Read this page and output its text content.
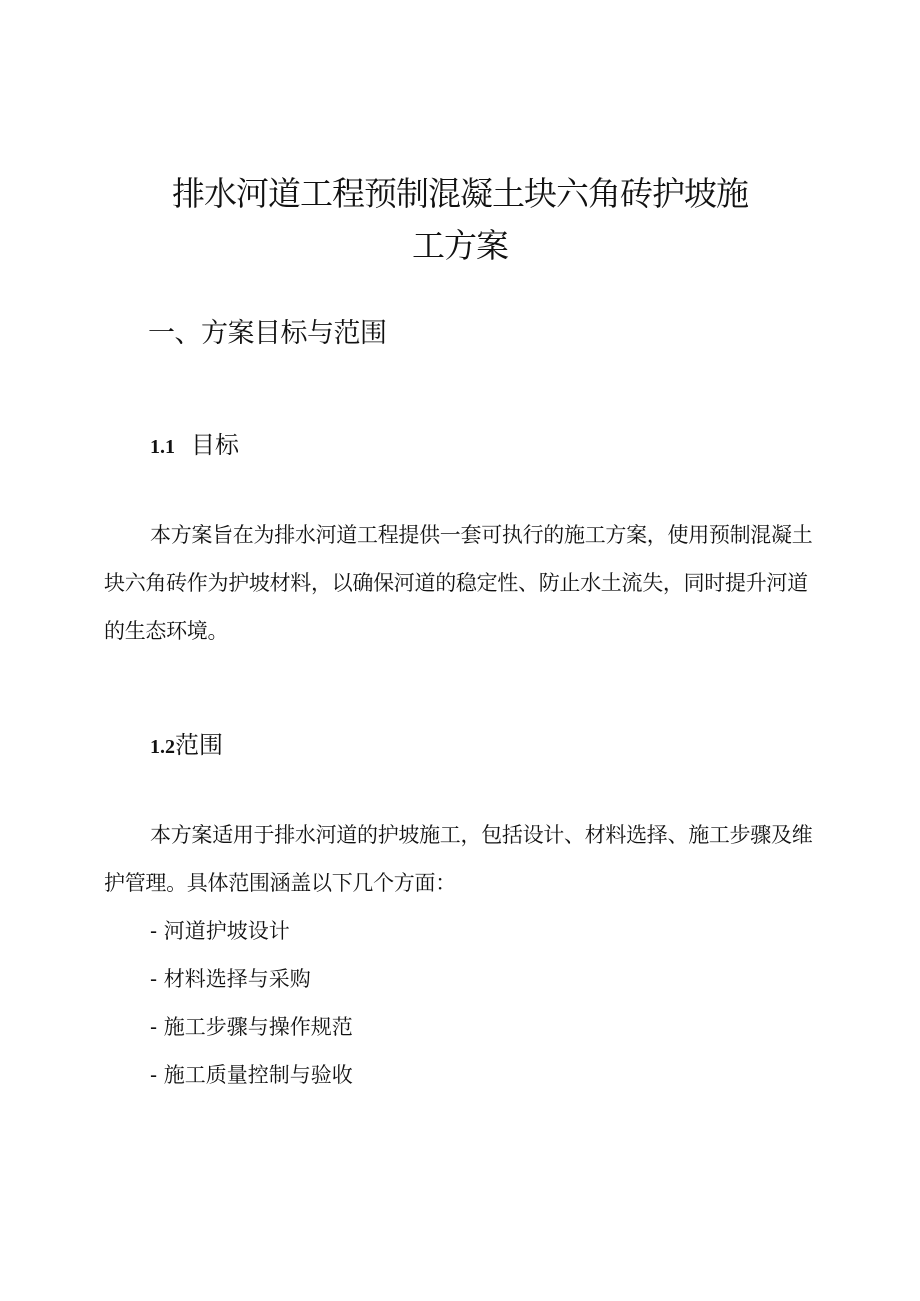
排水河道工程预制混凝土块六角砖护坡施
工方案
一、方案目标与范围
1.1 目标

本方案旨在为排水河道工程提供一套可执行的施工方案，使用预制混凝土块六角砖作为护坡材料，以确保河道的稳定性、防止水土流失，同时提升河道的生态环境。

1.2范围

本方案适用于排水河道的护坡施工，包括设计、材料选择、施工步骤及维护管理。具体范围涵盖以下几个方面：

- 河道护坡设计
- 材料选择与采购
- 施工步骤与操作规范
- 施工质量控制与验收
